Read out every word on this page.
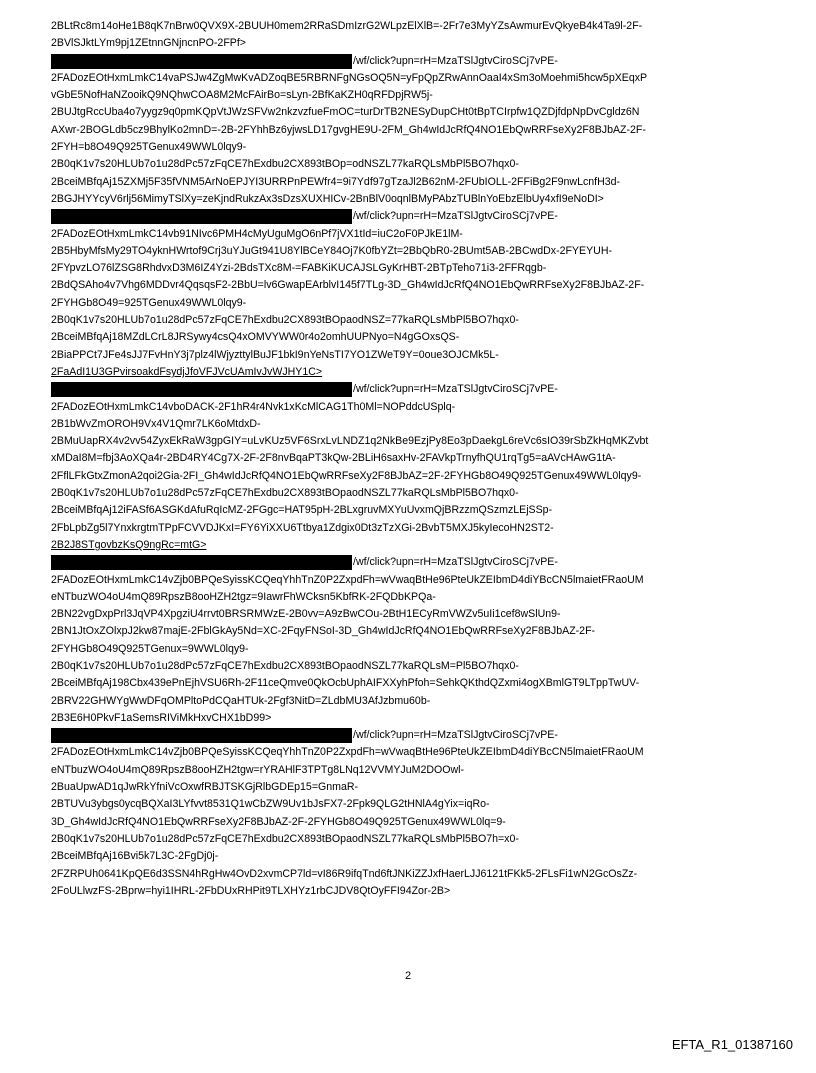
2BLtRc8m14oHe1B8qK7nBrw0QVX9X-2BUUH0mem2RRaSDmIzrG2WLpzElXlB=-2Fr7e3MyYZsAwmurEvQkyeB4k4Ta9l-2F-
2BVlSJktLYm9pj1ZEtnnGNjncnPO-2FPf>
/wf/click?upn=rH=MzaTSlJgtvCiroSCj7vPE-
2FADozEOtHxmLmkC14vaPSJw4ZgMwKvADZoqBE5RBRNFgNGsOQ5N=yFpQpZRwAnnOaaI4xSm3oMoehmi5hcw5pXEqxP
vGbE5NofHaNZooikQ9NQhwCOA8M2McFAirBo=sLyn-2BfKaKZH0qRFDpjRW5j-
2BUJtgRccUba4o7yygz9q0pmKQpVtJWzSFVw2nkzvzfueFmOC=turDrTB2NESyDupCHt0tBpTCIrpfw1QZDjfdpNpDvCgldz6N
AXwr-2BOGLdb5cz9BhylKo2mnD=-2B-2FYhhBz6yjwsLD17gvgHE9U-2FM_Gh4wIdJcRfQ4NO1EbQwRRFseXy2F8BJbAZ-2F-
2FYH=b8O49Q925TGenux49WWL0lqy9-
2B0qK1v7s20HLUb7o1u28dPc57zFqCE7hExdbu2CX893tBOp=odNSZL77kaRQLsMbPl5BO7hqx0-
2BceiMBfqAj15ZXMj5F35fVNM5ArNoEPJYI3URRPnPEWfr4=9i7Ydf97gTzaJl2B62nM-2FUbIOLL-2FFiBg2F9nwLcnfH3d-
2BGJHYYcyV6rlj56MimyTSlXy=zeKjndRukzAx3sDzsXUXHICv-2BnBlV0oqnlBMyPAbzTUBlnYoEbzElbUy4xfI9eNoDI>
/wf/click?upn=rH=MzaTSlJgtvCiroSCj7vPE-
2FADozEOtHxmLmkC14vb91NIvc6PMH4cMyUguMgO6nPf7jVX1tId=iuC2oF0PJkE1lM-
2B5HbyMfsMy29TO4yknHWrtof9Crj3uYJuGt941U8YlBCeY84Oj7K0fbYZt=2BbQbR0-2BUmt5AB-2BCwdDx-2FYEYUH-
2FYpvzLO76lZSG8RhdvxD3M6IZ4Yzi-2BdsTXc8M-=FABKiKUCAJSLGyKrHBT-2BTpTeho71i3-2FFRqgb-
2BdQSAho4v7Vhg6MDDvr4QqsqsF2-2BbU=lv6GwapEArblvI145f7TLg-3D_Gh4wIdJcRfQ4NO1EbQwRRFseXy2F8BJbAZ-2F-
2FYHGb8O49=925TGenux49WWL0lqy9-
2B0qK1v7s20HLUb7o1u28dPc57zFqCE7hExdbu2CX893tBOpaodNSZ=77kaRQLsMbPl5BO7hqx0-
2BceiMBfqAj18MZdLCrL8JRSywy4csQ4xOMVYWW0r4o2omhUUPNyo=N4gGOxsQS-
2BiaPPCt7JFe4sJJ7FvHnY3j7plz4lWjyzttylBuJF1bkI9nYeNsTI7YO1ZWeT9Y=0oue3OJCMk5L-
2FaAdI1U3GPvirsoakdFsydjJfoVFJVcUAmIvJvWJHY1C>
/wf/click?upn=rH=MzaTSlJgtvCiroSCj7vPE-
2FADozEOtHxmLmkC14vboDACK-2F1hR4r4Nvk1xKcMlCAG1Th0Ml=NOPddcUSplq-
2B1bWvZmOROH9Vx4V1Qmr7LK6oMtdxD-
2BMuUapRX4v2vv54ZyxEkRaW3gpGIY=uLvKUz5VF6SrxLvLNDZ1q2NkBe9EzjPy8Eo3pDaekgL6reVc6sIO39rSbZkHqMKZvbt
xMDaI8M=fbj3AoXQa4r-2BD4RY4Cg7X-2F-2F8nvBqaPT3kQw-2BLiH6saxHv-2FAVkpTrnyfhQU1rqTg5=aAVcHAwG1tA-
2FflLFkGtxZmonA2qoi2Gia-2FI_Gh4wIdJcRfQ4NO1EbQwRRFseXy2F8BJbAZ=2F-2FYHGb8O49Q925TGenux49WWL0lqy9-
2B0qK1v7s20HLUb7o1u28dPc57zFqCE7hExdbu2CX893tBOpaodNSZL77kaRQLsMbPl5BO7hqx0-
2BceiMBfqAj12iFASf6ASGKdAfuRqIcMZ-2FGgc=HAT95pH-2BLxgruvMXYuUvxmQjBRzzmQSzmzLEjSSp-
2FbLpbZg5l7YnxkrgtmTPpFCVVDJKxI=FY6YiXXU6Ttbya1Zdgix0Dt3zTzXGi-2BvbT5MXJ5kyIecoHN2ST2-
2B2J8STgovbzKsQ9ngRc=mtG>
/wf/click?upn=rH=MzaTSlJgtvCiroSCj7vPE-
2FADozEOtHxmLmkC14vZjb0BPQeSyissKCQeqYhhTnZ0P2ZxpdFh=wVwaqBtHe96PteUkZEIbmD4diYBcCN5lmaietFRaoUM
eNTbuzWO4oU4mQ89RpszB8ooHZH2tgz=9IawrFhWCksn5KbfRK-2FQDbKPQa-
2BN22vgDxpPrl3JqVP4XpgziU4rrvt0BRSRMWzE-2B0vv=A9zBwCOu-2BtH1ECyRmVWZv5uIi1cef8wSlUn9-
2BN1JtOxZOlxpJ2kw87majE-2FblGkAy5Nd=XC-2FqyFNSoI-3D_Gh4wIdJcRfQ4NO1EbQwRRFseXy2F8BJbAZ-2F-
2FYHGb8O49Q925TGenux=9WWL0lqy9-
2B0qK1v7s20HLUb7o1u28dPc57zFqCE7hExdbu2CX893tBOpaodNSZL77kaRQLsM=Pl5BO7hqx0-
2BceiMBfqAj198Cbx439ePnEjhVSU6Rh-2F11ceQmve0QkOcbUphAIFXXyhPfoh=SehkQKthdQZxmi4ogXBmlGT9LTppTwUV-
2BRV22GHWYgWwDFqOMPltoPdCQaHTUk-2Fgf3NitD=ZLdbMU3AfJzbmu60b-
2B3E6H0PkvF1aSemsRIViMkHxvCHX1bD99>
/wf/click?upn=rH=MzaTSlJgtvCiroSCj7vPE-
2FADozEOtHxmLmkC14vZjb0BPQeSyissKCQeqYhhTnZ0P2ZxpdFh=wVwaqBtHe96PteUkZEIbmD4diYBcCN5lmaietFRaoUM
eNTbuzWO4oU4mQ89RpszB8ooHZH2tgw=rYRAHlF3TPTg8LNq12VVMYJuM2DOOwl-
2BuaUpwAD1qJwRkYfniVcOxwfRBJTSKGjRlbGDEp15=GnmaR-
2BTUVu3ybgs0ycqBQXaI3LYfvvt8531Q1wCbZW9Uv1bJsFX7-2Fpk9QLG2tHNlA4gYix=iqRo-
3D_Gh4wIdJcRfQ4NO1EbQwRRFseXy2F8BJbAZ-2F-2FYHGb8O49Q925TGenux49WWL0lq=9-
2B0qK1v7s20HLUb7o1u28dPc57zFqCE7hExdbu2CX893tBOpaodNSZL77kaRQLsMbPl5BO7h=x0-
2BceiMBfqAj16Bvi5k7L3C-2FgDj0j-
2FZRPUh0641KpQE6d3SSN4hRgHw4OvD2xvmCP7ld=vI86R9ifqTnd6ftJNKiZZJxfHaerLJJ6121tFKk5-2FLsFi1wN2GcOsZz-
2FoULlwzFS-2Bprw=hyi1IHRL-2FbDUxRHPit9TLXHYz1rbCJDV8QtOyFFI94Zor-2B>
2
EFTA_R1_01387160
